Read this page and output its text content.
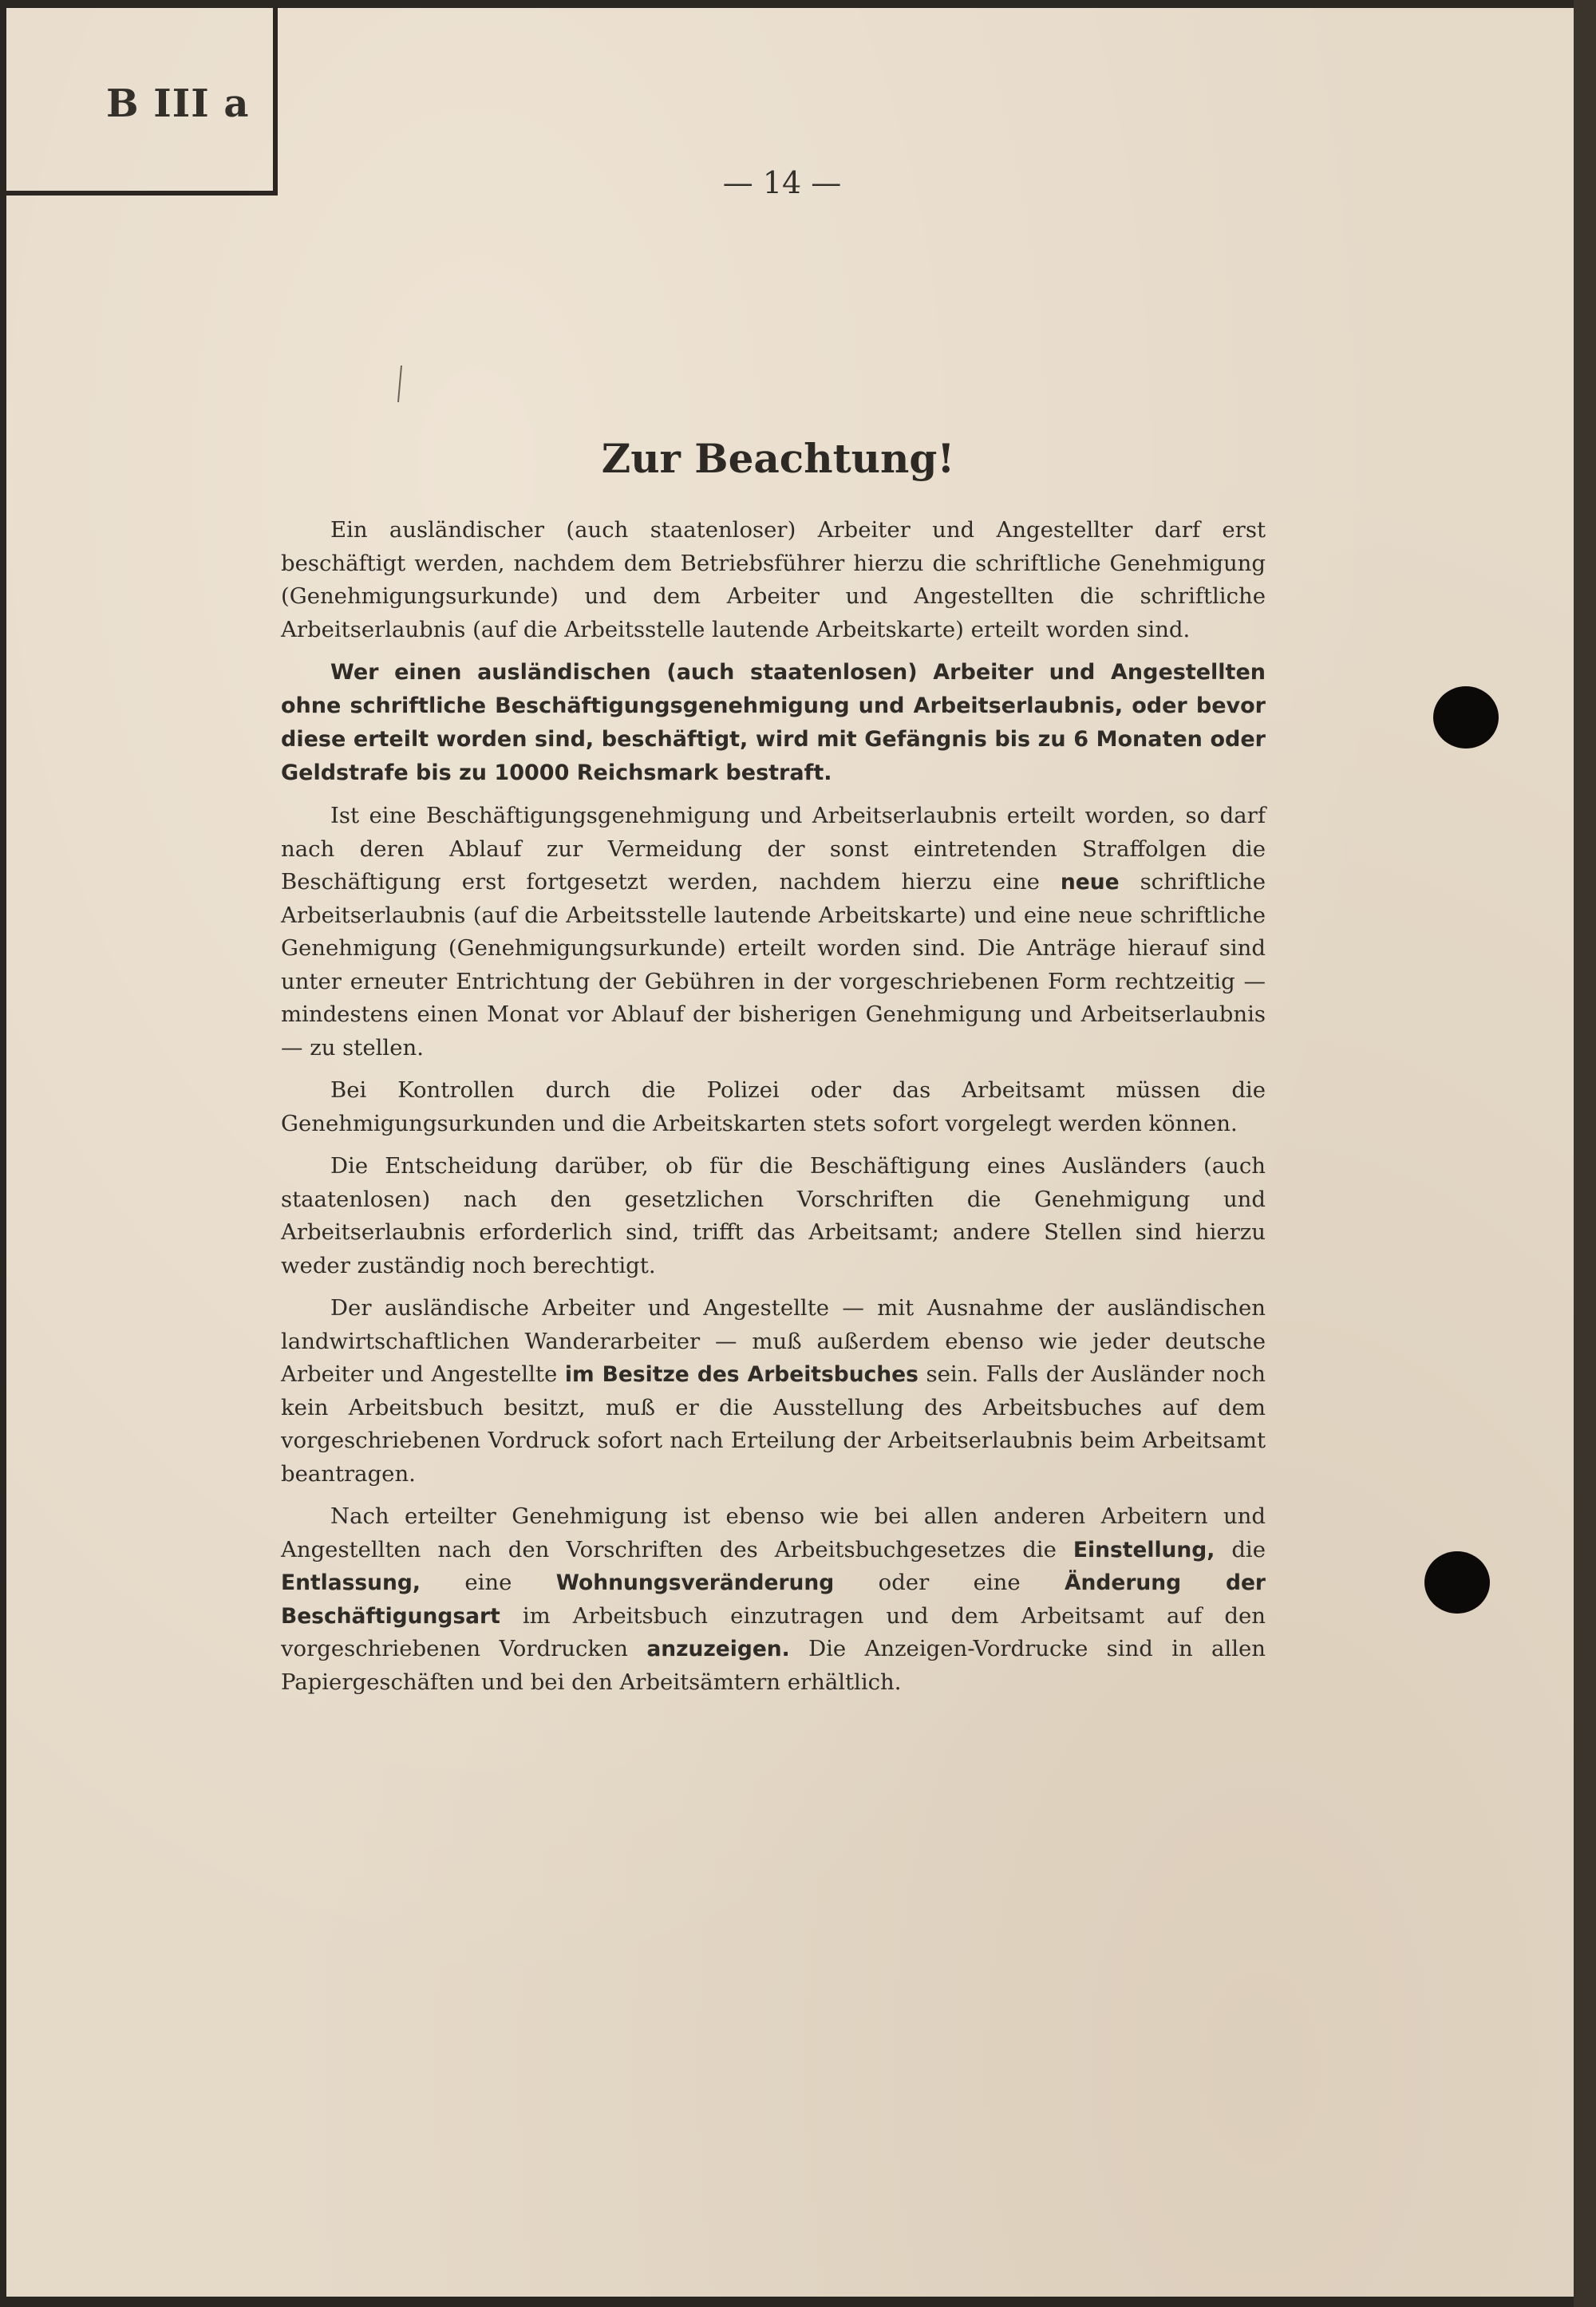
B III a
— 14 —
Zur Beachtung!

Ein ausländischer (auch staatenloser) Arbeiter und Angestellter darf erst beschäftigt werden, nachdem dem Betriebsführer hierzu die schriftliche Genehmigung (Genehmigungsurkunde) und dem Arbeiter und Angestellten die schriftliche Arbeitserlaubnis (auf die Arbeitsstelle lautende Arbeitskarte) erteilt worden sind.

Wer einen ausländischen (auch staatenlosen) Arbeiter und Angestellten ohne schriftliche Beschäftigungsgenehmigung und Arbeitserlaubnis, oder bevor diese erteilt worden sind, beschäftigt, wird mit Gefängnis bis zu 6 Monaten oder Geldstrafe bis zu 10000 Reichsmark bestraft.

Ist eine Beschäftigungsgenehmigung und Arbeitserlaubnis erteilt worden, so darf nach deren Ablauf zur Vermeidung der sonst eintretenden Straffolgen die Beschäftigung erst fortgesetzt werden, nachdem hierzu eine neue schriftliche Arbeitserlaubnis (auf die Arbeitsstelle lautende Arbeitskarte) und eine neue schriftliche Genehmigung (Genehmigungsurkunde) erteilt worden sind. Die Anträge hierauf sind unter erneuter Entrichtung der Gebühren in der vorgeschriebenen Form rechtzeitig — mindestens einen Monat vor Ablauf der bisherigen Genehmigung und Arbeitserlaubnis — zu stellen.

Bei Kontrollen durch die Polizei oder das Arbeitsamt müssen die Genehmigungsurkunden und die Arbeitskarten stets sofort vorgelegt werden können.

Die Entscheidung darüber, ob für die Beschäftigung eines Ausländers (auch staatenlosen) nach den gesetzlichen Vorschriften die Genehmigung und Arbeitserlaubnis erforderlich sind, trifft das Arbeitsamt; andere Stellen sind hierzu weder zuständig noch berechtigt.

Der ausländische Arbeiter und Angestellte — mit Ausnahme der ausländischen landwirtschaftlichen Wanderarbeiter — muß außerdem ebenso wie jeder deutsche Arbeiter und Angestellte im Besitze des Arbeitsbuches sein. Falls der Ausländer noch kein Arbeitsbuch besitzt, muß er die Ausstellung des Arbeitsbuches auf dem vorgeschriebenen Vordruck sofort nach Erteilung der Arbeitserlaubnis beim Arbeitsamt beantragen.

Nach erteilter Genehmigung ist ebenso wie bei allen anderen Arbeitern und Angestellten nach den Vorschriften des Arbeitsbuchgesetzes die Einstellung, die Entlassung, eine Wohnungsveränderung oder eine Änderung der Beschäftigungsart im Arbeitsbuch einzutragen und dem Arbeitsamt auf den vorgeschriebenen Vordrucken anzuzeigen. Die Anzeigen-Vordrucke sind in allen Papiergeschäften und bei den Arbeitsämtern erhältlich.
